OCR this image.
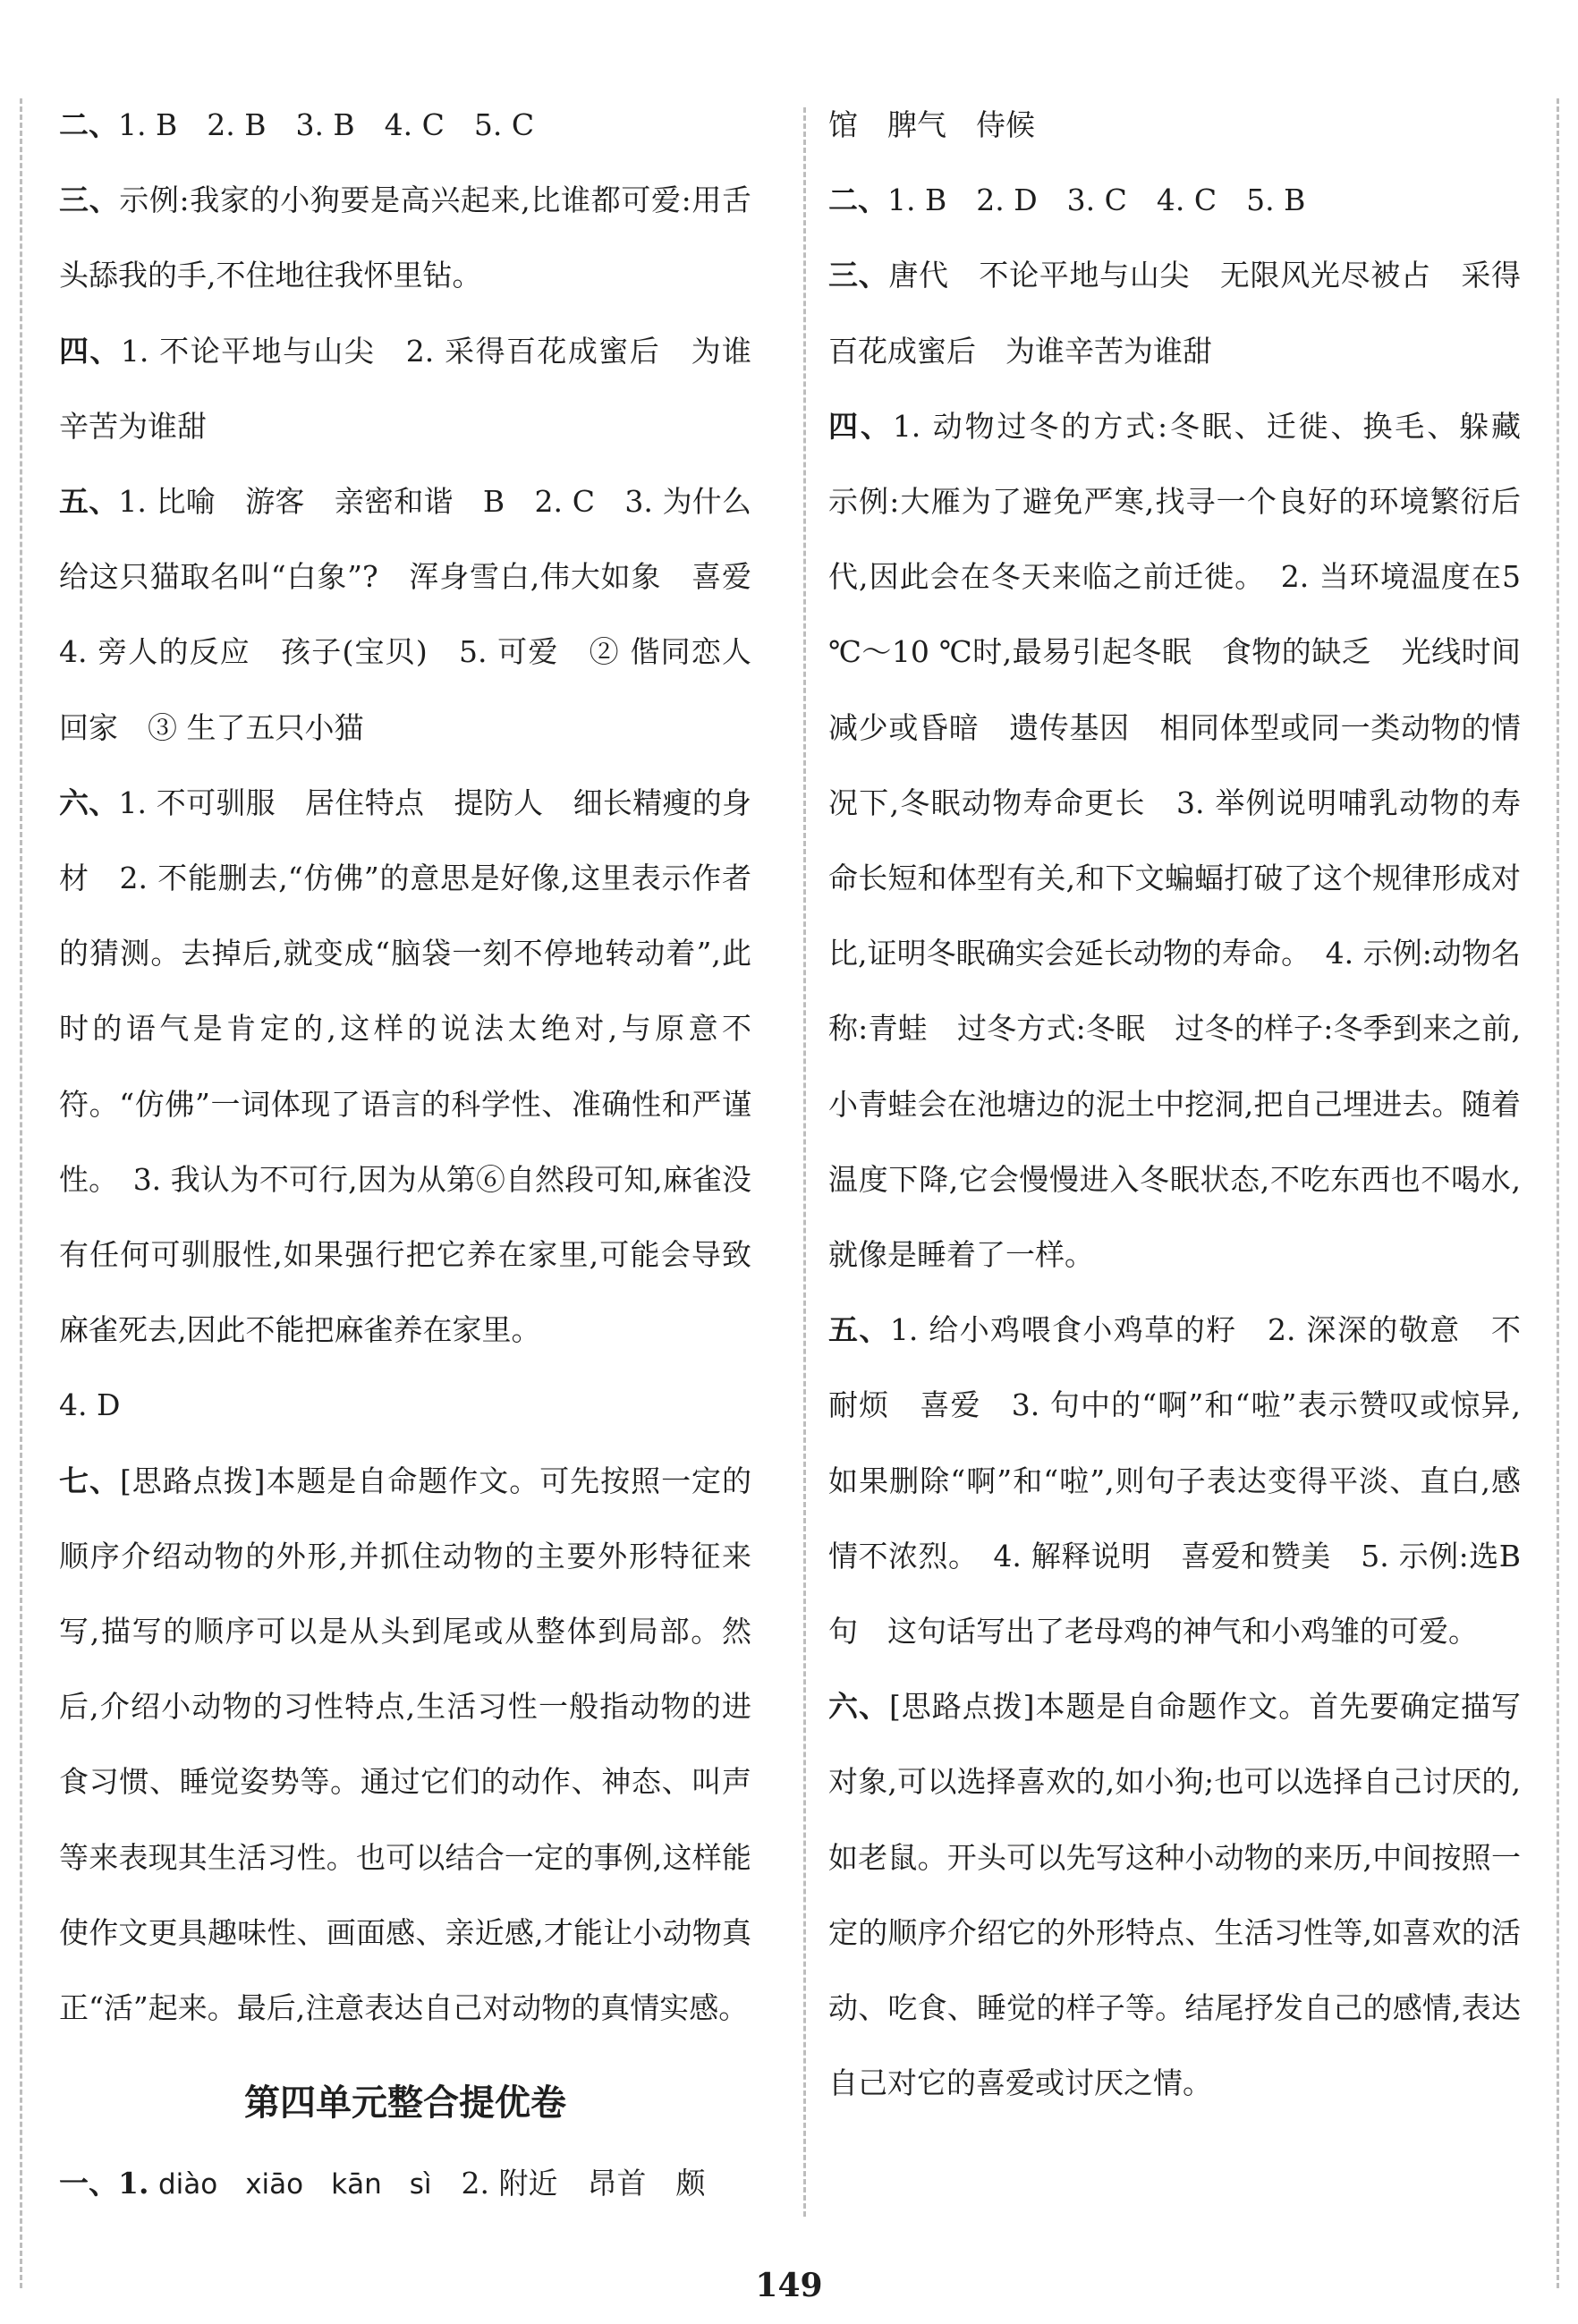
二、1. B　2. B　3. B　4. C　5. C

三、示例:我家的小狗要是高兴起来,比谁都可爱:用舌头舔我的手,不住地往我怀里钻。

四、1. 不论平地与山尖　2. 采得百花成蜜后　为谁辛苦为谁甜

五、1. 比喻　游客　亲密和谐　B　2. C　3. 为什么给这只猫取名叫“白象”?　浑身雪白,伟大如象　喜爱　4. 旁人的反应　孩子(宝贝)　5. 可爱　② 偕同恋人回家　③ 生了五只小猫

六、1. 不可驯服　居住特点　提防人　细长精瘦的身材　2. 不能删去,“仿佛”的意思是好像,这里表示作者的猜测。去掉后,就变成“脑袋一刻不停地转动着”,此时的语气是肯定的,这样的说法太绝对,与原意不符。“仿佛”一词体现了语言的科学性、准确性和严谨性。　3. 我认为不可行,因为从第⑥自然段可知,麻雀没有任何可驯服性,如果强行把它养在家里,可能会导致麻雀死去,因此不能把麻雀养在家里。

4. D

七、[思路点拨]本题是自命题作文。可先按照一定的顺序介绍动物的外形,并抓住动物的主要外形特征来写,描写的顺序可以是从头到尾或从整体到局部。然后,介绍小动物的习性特点,生活习性一般指动物的进食习惯、睡觉姿势等。通过它们的动作、神态、叫声等来表现其生活习性。也可以结合一定的事例,这样能使作文更具趣味性、画面感、亲近感,才能让小动物真正“活”起来。最后,注意表达自己对动物的真情实感。

第四单元整合提优卷

一、1. diào　xiāo　kān　sì　 2. 附近　昂首　颇

馆　脾气　侍候

二、1. B　2. D　3. C　4. C　5. B

三、唐代　不论平地与山尖　无限风光尽被占　采得百花成蜜后　为谁辛苦为谁甜

四、1. 动物过冬的方式:冬眠、迁徙、换毛、躲藏　示例:大雁为了避免严寒,找寻一个良好的环境繁衍后代,因此会在冬天来临之前迁徙。　2. 当环境温度在5 ℃～10 ℃时,最易引起冬眠　食物的缺乏　光线时间减少或昏暗　遗传基因　相同体型或同一类动物的情况下,冬眠动物寿命更长　3. 举例说明哺乳动物的寿命长短和体型有关,和下文蝙蝠打破了这个规律形成对比,证明冬眠确实会延长动物的寿命。　4. 示例:动物名称:青蛙　过冬方式:冬眠　过冬的样子:冬季到来之前,小青蛙会在池塘边的泥土中挖洞,把自己埋进去。随着温度下降,它会慢慢进入冬眠状态,不吃东西也不喝水,就像是睡着了一样。

五、1. 给小鸡喂食小鸡草的籽　2. 深深的敬意　不耐烦　喜爱　3. 句中的“啊”和“啦”表示赞叹或惊异,如果删除“啊”和“啦”,则句子表达变得平淡、直白,感情不浓烈。　4. 解释说明　喜爱和赞美　5. 示例:选B句　这句话写出了老母鸡的神气和小鸡雏的可爱。

六、[思路点拨]本题是自命题作文。首先要确定描写对象,可以选择喜欢的,如小狗;也可以选择自己讨厌的,如老鼠。开头可以先写这种小动物的来历,中间按照一定的顺序介绍它的外形特点、生活习性等,如喜欢的活动、吃食、睡觉的样子等。结尾抒发自己的感情,表达自己对它的喜爱或讨厌之情。

149
